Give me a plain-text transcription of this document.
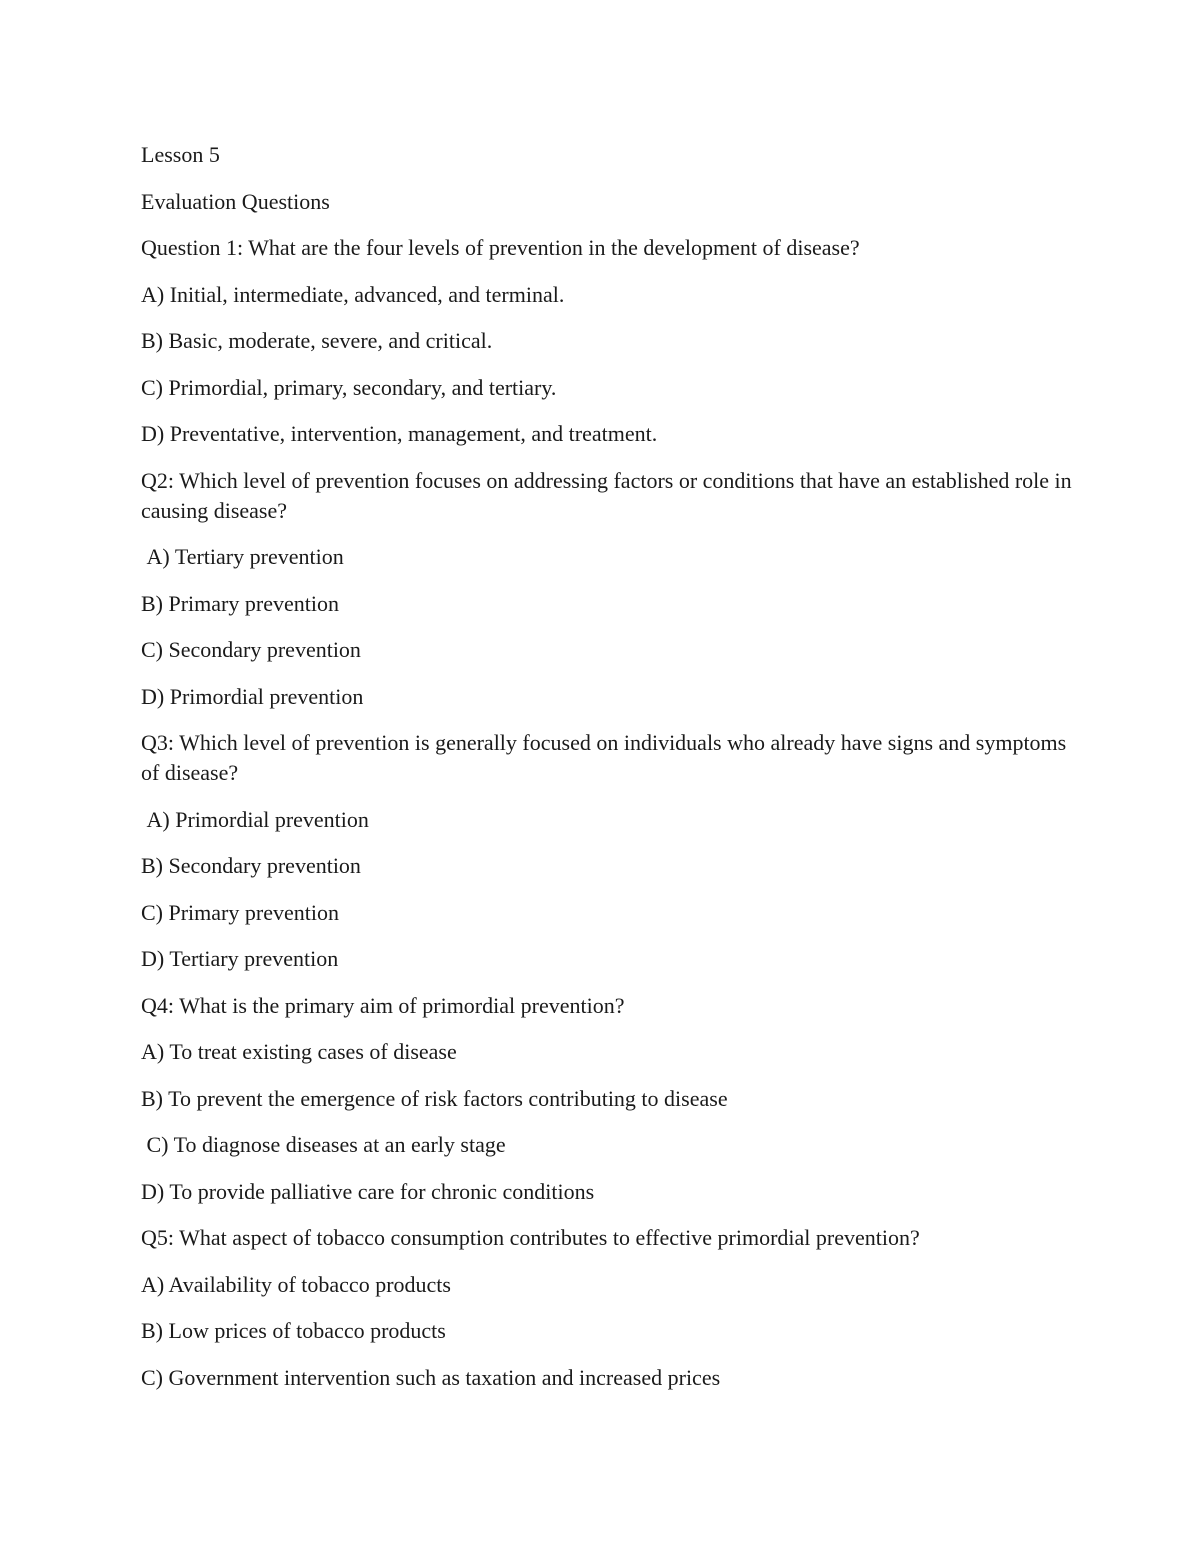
Lesson 5

Evaluation Questions

Question 1: What are the four levels of prevention in the development of disease?

A) Initial, intermediate, advanced, and terminal.

B) Basic, moderate, severe, and critical.

C) Primordial, primary, secondary, and tertiary.

D) Preventative, intervention, management, and treatment.

Q2: Which level of prevention focuses on addressing factors or conditions that have an established role in causing disease?

A) Tertiary prevention

B) Primary prevention

C) Secondary prevention

D) Primordial prevention

Q3: Which level of prevention is generally focused on individuals who already have signs and symptoms of disease?

A) Primordial prevention

B) Secondary prevention

C) Primary prevention

D) Tertiary prevention

Q4: What is the primary aim of primordial prevention?

A) To treat existing cases of disease

B) To prevent the emergence of risk factors contributing to disease

C) To diagnose diseases at an early stage

D) To provide palliative care for chronic conditions

Q5: What aspect of tobacco consumption contributes to effective primordial prevention?

A) Availability of tobacco products

B) Low prices of tobacco products

C) Government intervention such as taxation and increased prices
